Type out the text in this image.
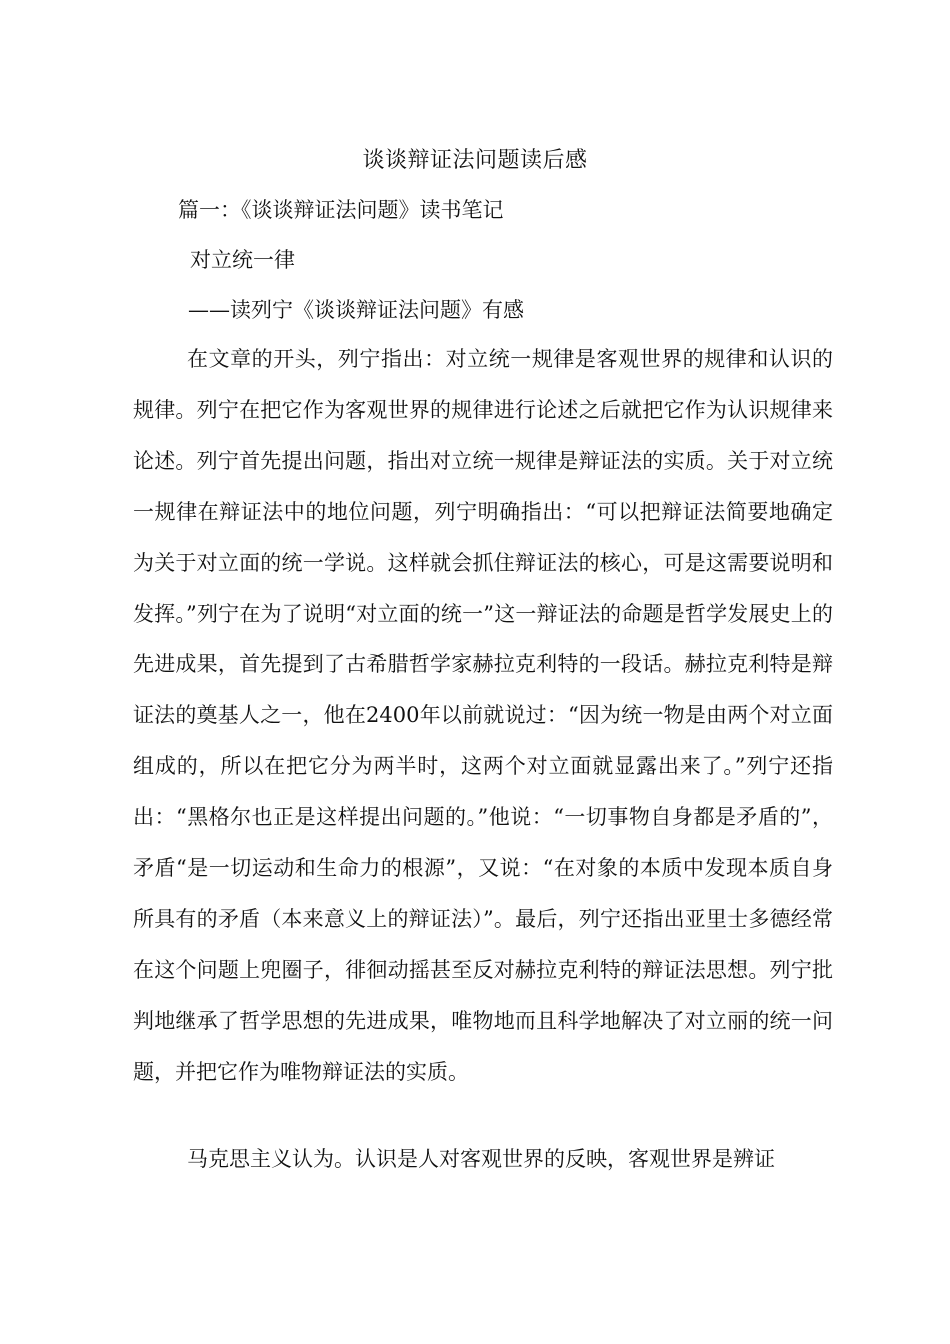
谈谈辩证法问题读后感
篇一：《谈谈辩证法问题》读书笔记
对立统一律
——读列宁《谈谈辩证法问题》有感

在文章的开头，列宁指出：对立统一规律是客观世界的规律和认识的规律。列宁在把它作为客观世界的规律进行论述之后就把它作为认识规律来论述。列宁首先提出问题，指出对立统一规律是辩证法的实质。关于对立统一规律在辩证法中的地位问题，列宁明确指出：“可以把辩证法简要地确定为关于对立面的统一学说。这样就会抓住辩证法的核心，可是这需要说明和发挥。”列宁在为了说明“对立面的统一”这一辩证法的命题是哲学发展史上的先进成果，首先提到了古希腊哲学家赫拉克利特的一段话。赫拉克利特是辩证法的奠基人之一，他在2400年以前就说过：“因为统一物是由两个对立面组成的，所以在把它分为两半时，这两个对立面就显露出来了。”列宁还指出：“黑格尔也正是这样提出问题的。”他说：“一切事物自身都是矛盾的”，矛盾“是一切运动和生命力的根源”，又说：“在对象的本质中发现本质自身所具有的矛盾（本来意义上的辩证法）”。最后，列宁还指出亚里士多德经常在这个问题上兜圈子，徘徊动摇甚至反对赫拉克利特的辩证法思想。列宁批判地继承了哲学思想的先进成果，唯物地而且科学地解决了对立丽的统一问题，并把它作为唯物辩证法的实质。

马克思主义认为。认识是人对客观世界的反映，客观世界是辨证
